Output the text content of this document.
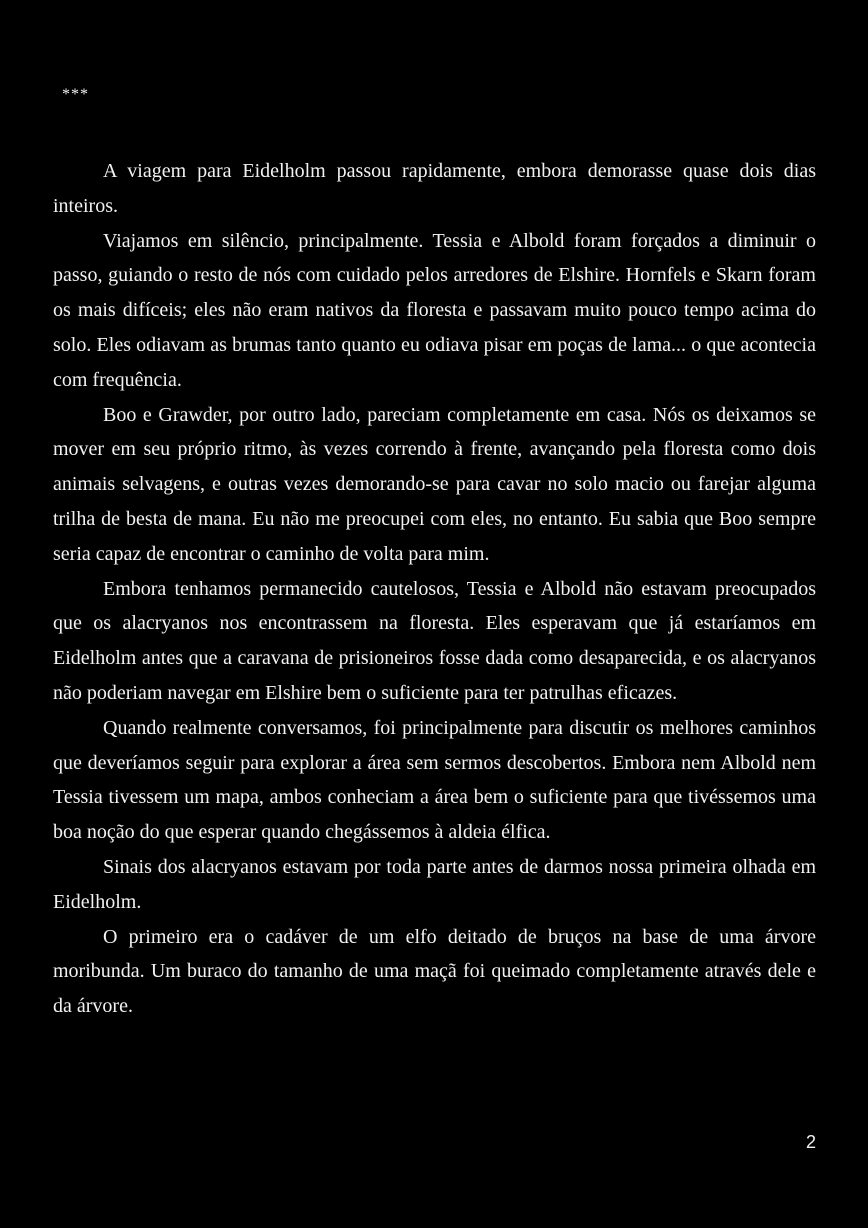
***

A viagem para Eidelholm passou rapidamente, embora demorasse quase dois dias inteiros.

Viajamos em silêncio, principalmente. Tessia e Albold foram forçados a diminuir o passo, guiando o resto de nós com cuidado pelos arredores de Elshire. Hornfels e Skarn foram os mais difíceis; eles não eram nativos da floresta e passavam muito pouco tempo acima do solo. Eles odiavam as brumas tanto quanto eu odiava pisar em poças de lama... o que acontecia com frequência.

Boo e Grawder, por outro lado, pareciam completamente em casa. Nós os deixamos se mover em seu próprio ritmo, às vezes correndo à frente, avançando pela floresta como dois animais selvagens, e outras vezes demorando-se para cavar no solo macio ou farejar alguma trilha de besta de mana. Eu não me preocupei com eles, no entanto. Eu sabia que Boo sempre seria capaz de encontrar o caminho de volta para mim.

Embora tenhamos permanecido cautelosos, Tessia e Albold não estavam preocupados que os alacryanos nos encontrassem na floresta. Eles esperavam que já estaríamos em Eidelholm antes que a caravana de prisioneiros fosse dada como desaparecida, e os alacryanos não poderiam navegar em Elshire bem o suficiente para ter patrulhas eficazes.

Quando realmente conversamos, foi principalmente para discutir os melhores caminhos que deveríamos seguir para explorar a área sem sermos descobertos. Embora nem Albold nem Tessia tivessem um mapa, ambos conheciam a área bem o suficiente para que tivéssemos uma boa noção do que esperar quando chegássemos à aldeia élfica.

Sinais dos alacryanos estavam por toda parte antes de darmos nossa primeira olhada em Eidelholm.

O primeiro era o cadáver de um elfo deitado de bruços na base de uma árvore moribunda. Um buraco do tamanho de uma maçã foi queimado completamente através dele e da árvore.

2
